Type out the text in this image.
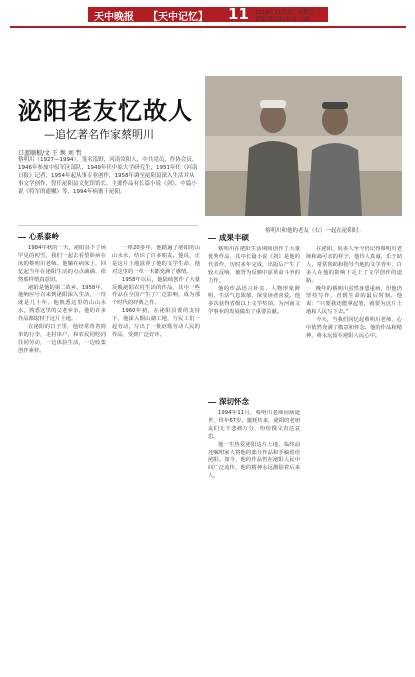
天中晚报 【天中记忆】 11 2018年11月2日 星期五
责编 张凤阳 校对 王健
泌阳老友忆故人
—追忆著名作家蔡明川
口蓝顺根/文 王 焕 刘 哲
蔡明川和他的老友（右）一起在泌阳时。
蔡明川（1927—1994），笔名泓野，河南汝阳人，中共党员，作协会员。1946年参加中原军区部队，1949年任中原大学研究生，1951年任《河南日报》记者，1954年起从事专业创作，1958年调至泌阳县深入生活并从事文学创作，曾任泌阳县文化馆馆长。主要作品有长篇小说《剑》、中篇小说《将军的遗嘱》等，1994年病逝于泌阳。
心系泰岭

1984年秋的一天，泌阳县下了场罕见的初雪，我们一起去看望卧病在床的蔡明川老师。他躺在病床上，回忆起当年在泌阳生活的点点滴滴，依然那样情真意切。

泌阳是他的第二故乡。1958年，他响应号召来到泌阳深入生活，一待就是几十年。他熟悉这里的山山水水，熟悉这里的父老乡亲，他的许多作品都取材于这片土地。

在泌阳的日子里，他经常背着简单的行李，走村串户，和农民同吃同住同劳动，一边体验生活，一边收集创作素材。

一座20多年，他踏遍了泌阳的山山水水，结识了许多朋友。他说，正是这片土地滋养了他的文学生命，他对这里的一草一木都充满了感情。

1958年以后，他陆续创作了大量反映泌阳农村生活的作品，其中一些作品在全国产生了广泛影响，成为那个时代的经典之作。

1960年初，在泌阳县委的支持下，他深入铜山湖工地，与民工们一起劳动，写出了一批讴歌劳动人民的作品，受到广泛好评。

成果丰硕

蔡明川在泌阳生活期间创作了大量优秀作品，其中长篇小说《剑》是他的代表作，历时多年完成，出版后产生了较大反响，被誉为反映中原革命斗争的力作。

他的作品语言朴实，人物形象鲜明，生活气息浓郁，深受读者喜爱。他多次获得省级以上文学奖项，为河南文学事业的发展做出了重要贡献。

深切怀念

1994年11月，蔡明川老师因病逝世，终年67岁。噩耗传来，泌阳的老朋友们无不悲痛万分，纷纷撰文表达哀思。

他一生热爱泌阳这片土地，临终前还嘱咐家人将他的部分作品和手稿留给泌阳。如今，他的作品仍在泌阳人民中间广泛流传，他的精神永远激励着后来人。

在泌阳，很多人至今仍记得蔡明川老师和蔼可亲的样子。他待人真诚，乐于助人，常常帮助和指导当地的文学青年，许多人在他的影响下走上了文学创作的道路。

晚年的蔡明川虽然身患重病，但他仍坚持写作，直到生命的最后时刻。他说：“只要我还能拿起笔，就要为这片土地和人民写下去。”

今天，当我们回忆起蔡明川老师，心中依然充满了敬意和怀念。他的作品和精神，将永远留在泌阳人民心中。
